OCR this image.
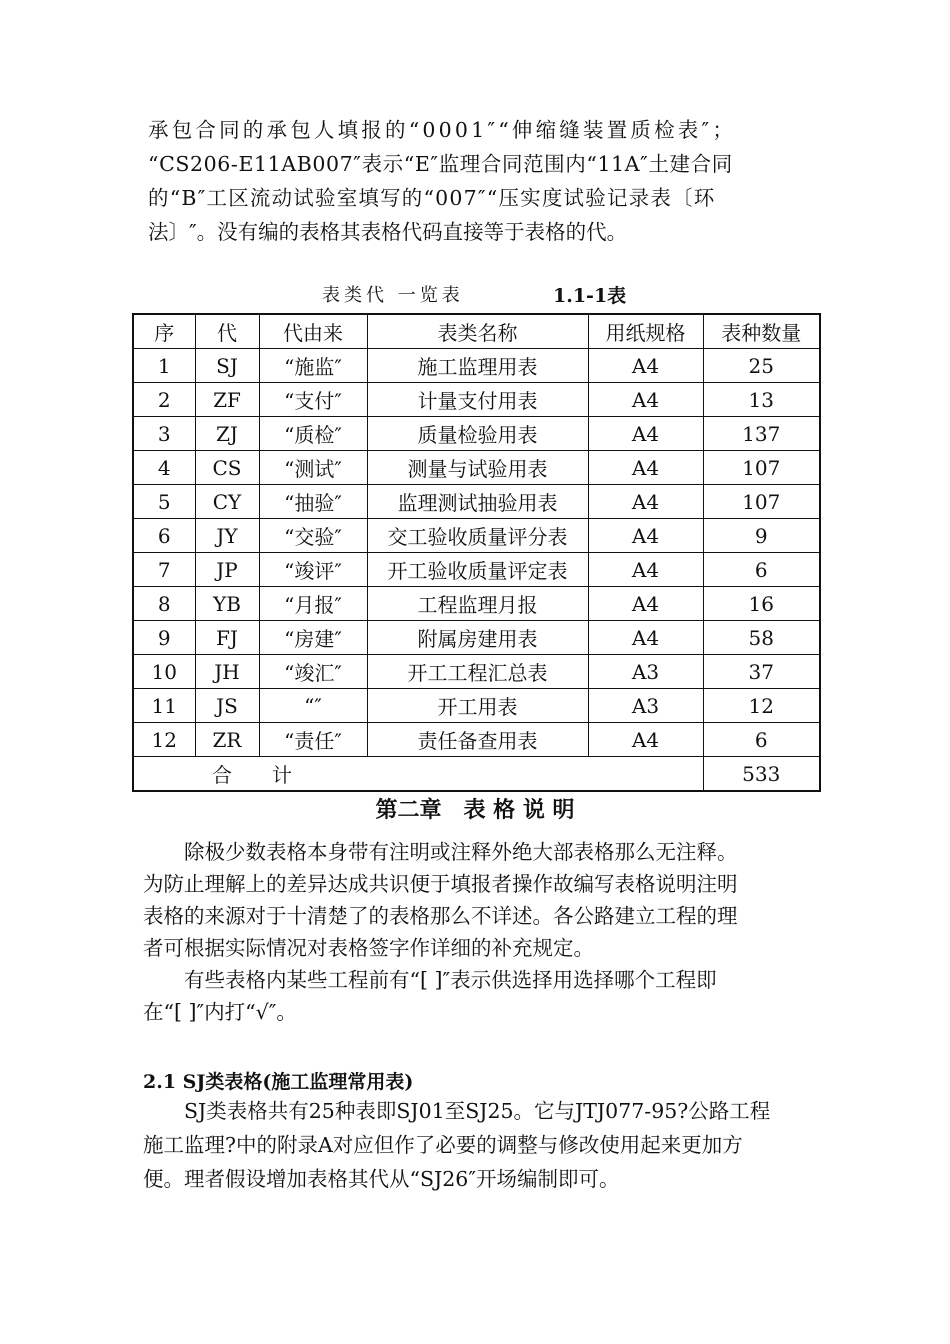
承包合同的承包人填报的“0001″“伸缩缝装置质检表″；

“CS206-E11AB007″表示“E″监理合同范围内“11A″土建合同

的“B″工区流动试验室填写的“007″“压实度试验记录表〔环

法〕″。没有编的表格其表格代码直接等于表格的代。

表类代 一览表	1.1-1表
序	代	代由来	表类名称	用纸规格	表种数量
1	SJ	“施监″	施工监理用表	A4	25
2	ZF	“支付″	计量支付用表	A4	13
3	ZJ	“质检″	质量检验用表	A4	137
4	CS	“测试″	测量与试验用表	A4	107
5	CY	“抽验″	监理测试抽验用表	A4	107
6	JY	“交验″	交工验收质量评分表	A4	9
7	JP	“竣评″	开工验收质量评定表	A4	6
8	YB	“月报″	工程监理月报	A4	16
9	FJ	“房建″	附属房建用表	A4	58
10	JH	“竣汇″	开工工程汇总表	A3	37
11	JS	“″	开工用表	A3	12
12	ZR	“责任″	责任备查用表	A4	6
合　　计					533
第二章　表 格 说 明

　　除极少数表格本身带有注明或注释外绝大部表格那么无注释。

为防止理解上的差异达成共识便于填报者操作故编写表格说明注明

表格的来源对于十清楚了的表格那么不详述。各公路建立工程的理

者可根据实际情况对表格签字作详细的补充规定。

　　有些表格内某些工程前有“[ ]″表示供选择用选择哪个工程即

在“[ ]″内打“√″。

2.1 SJ类表格(施工监理常用表)

　　SJ类表格共有25种表即SJ01至SJ25。它与JTJ077-95?公路工程

施工监理?中的附录A对应但作了必要的调整与修改使用起来更加方

便。理者假设增加表格其代从“SJ26″开场编制即可。
